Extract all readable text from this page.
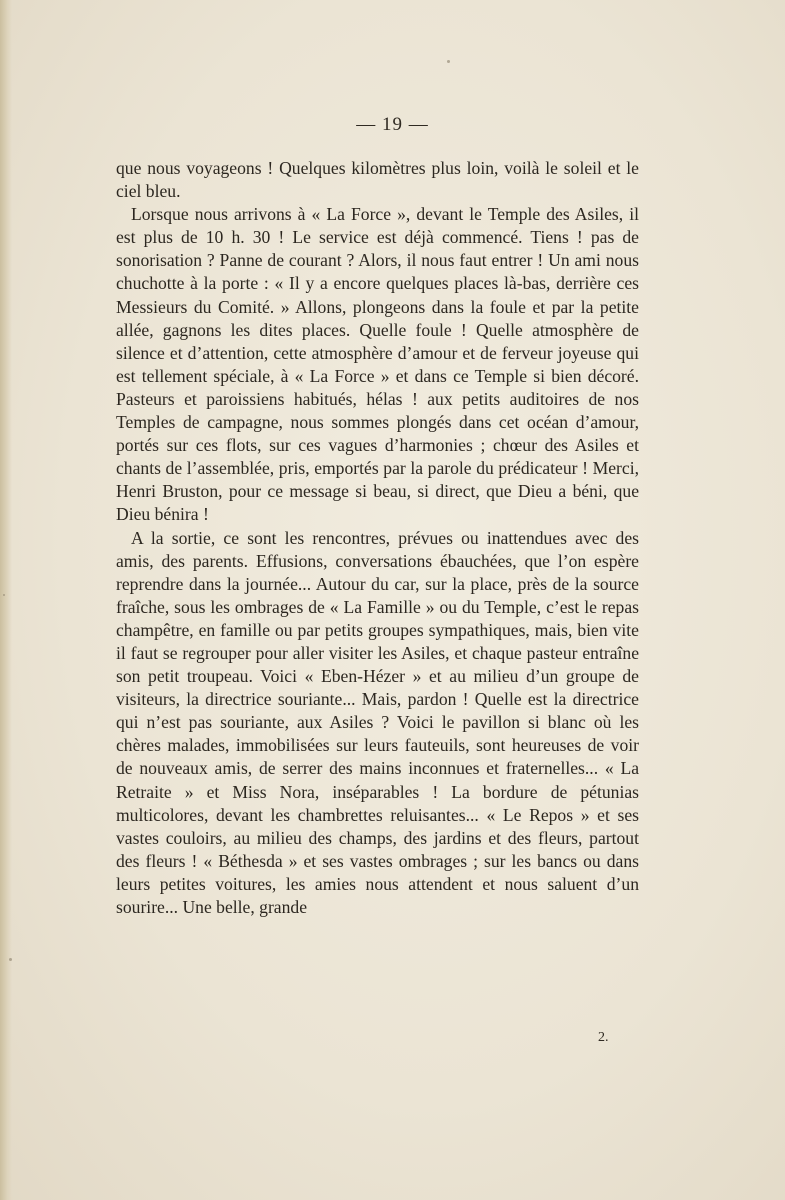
— 19 —

que nous voyageons ! Quelques kilomètres plus loin, voilà le soleil et le ciel bleu.

Lorsque nous arrivons à « La Force », devant le Temple des Asiles, il est plus de 10 h. 30 ! Le service est déjà commencé. Tiens ! pas de sonorisation ? Panne de courant ? Alors, il nous faut entrer ! Un ami nous chuchotte à la porte : « Il y a encore quelques places là-bas, derrière ces Messieurs du Comité. » Allons, plongeons dans la foule et par la petite allée, gagnons les dites places. Quelle foule ! Quelle atmosphère de silence et d’attention, cette atmosphère d’amour et de ferveur joyeuse qui est tellement spéciale, à « La Force » et dans ce Temple si bien décoré. Pasteurs et paroissiens habitués, hélas ! aux petits auditoires de nos Temples de campagne, nous sommes plongés dans cet océan d’amour, portés sur ces flots, sur ces vagues d’harmonies ; chœur des Asiles et chants de l’assemblée, pris, emportés par la parole du prédicateur ! Merci, Henri Bruston, pour ce message si beau, si direct, que Dieu a béni, que Dieu bénira !

A la sortie, ce sont les rencontres, prévues ou inattendues avec des amis, des parents. Effusions, conversations ébauchées, que l’on espère reprendre dans la journée... Autour du car, sur la place, près de la source fraîche, sous les ombrages de « La Famille » ou du Temple, c’est le repas champêtre, en famille ou par petits groupes sympathiques, mais, bien vite il faut se regrouper pour aller visiter les Asiles, et chaque pasteur entraîne son petit troupeau. Voici « Eben-Hézer » et au milieu d’un groupe de visiteurs, la directrice souriante... Mais, pardon ! Quelle est la directrice qui n’est pas souriante, aux Asiles ? Voici le pavillon si blanc où les chères malades, immobilisées sur leurs fauteuils, sont heureuses de voir de nouveaux amis, de serrer des mains inconnues et fraternelles... « La Retraite » et Miss Nora, inséparables ! La bordure de pétunias multicolores, devant les chambrettes reluisantes... « Le Repos » et ses vastes couloirs, au milieu des champs, des jardins et des fleurs, partout des fleurs ! « Béthesda » et ses vastes ombrages ; sur les bancs ou dans leurs petites voitures, les amies nous attendent et nous saluent d’un sourire... Une belle, grande

2.
